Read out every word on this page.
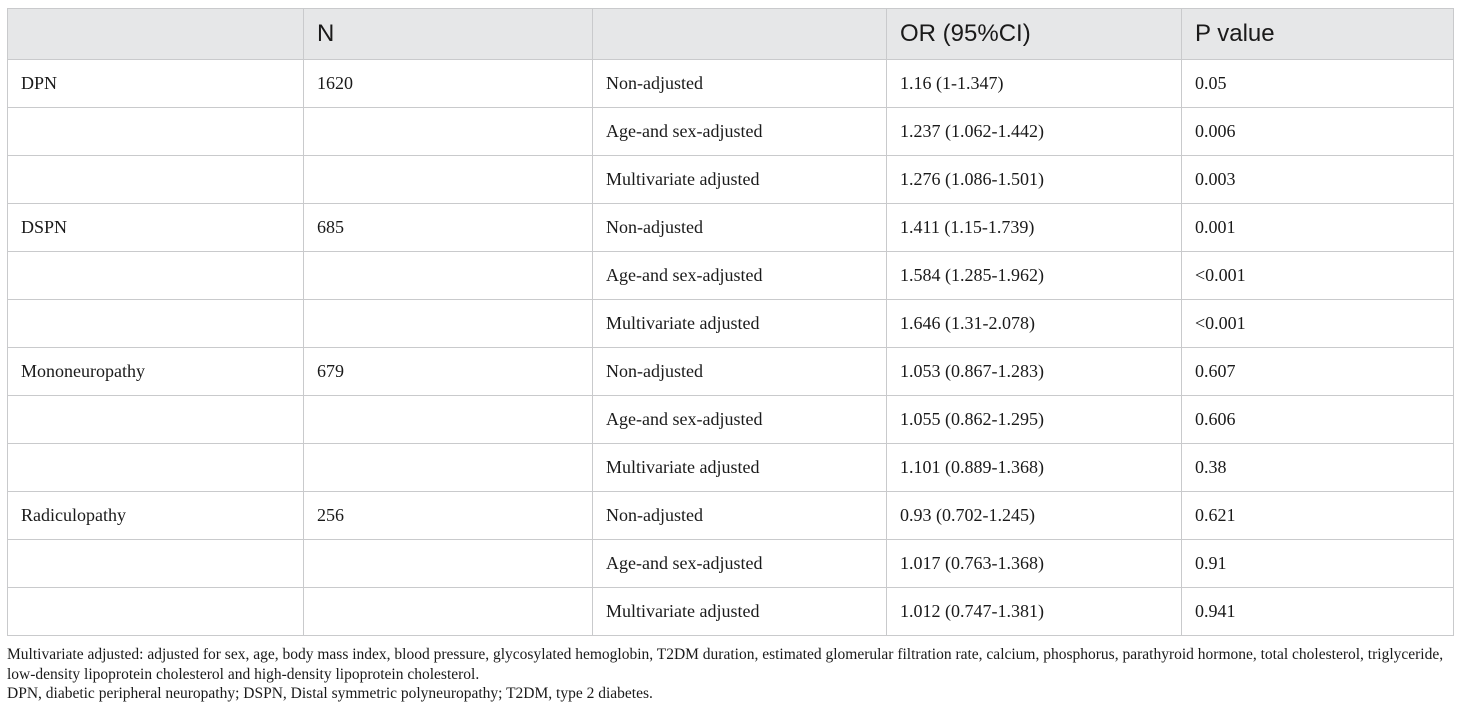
	N		OR (95%CI)	P value
DPN	1620	Non-adjusted	1.16 (1-1.347)	0.05
		Age-and sex-adjusted	1.237 (1.062-1.442)	0.006
		Multivariate adjusted	1.276 (1.086-1.501)	0.003
DSPN	685	Non-adjusted	1.411 (1.15-1.739)	0.001
		Age-and sex-adjusted	1.584 (1.285-1.962)	<0.001
		Multivariate adjusted	1.646 (1.31-2.078)	<0.001
Mononeuropathy	679	Non-adjusted	1.053 (0.867-1.283)	0.607
		Age-and sex-adjusted	1.055 (0.862-1.295)	0.606
		Multivariate adjusted	1.101 (0.889-1.368)	0.38
Radiculopathy	256	Non-adjusted	0.93 (0.702-1.245)	0.621
		Age-and sex-adjusted	1.017 (0.763-1.368)	0.91
		Multivariate adjusted	1.012 (0.747-1.381)	0.941

Multivariate adjusted: adjusted for sex, age, body mass index, blood pressure, glycosylated hemoglobin, T2DM duration, estimated glomerular filtration rate, calcium, phosphorus, parathyroid hormone, total cholesterol, triglyceride, low-density lipoprotein cholesterol and high-density lipoprotein cholesterol.

DPN, diabetic peripheral neuropathy; DSPN, Distal symmetric polyneuropathy; T2DM, type 2 diabetes.
